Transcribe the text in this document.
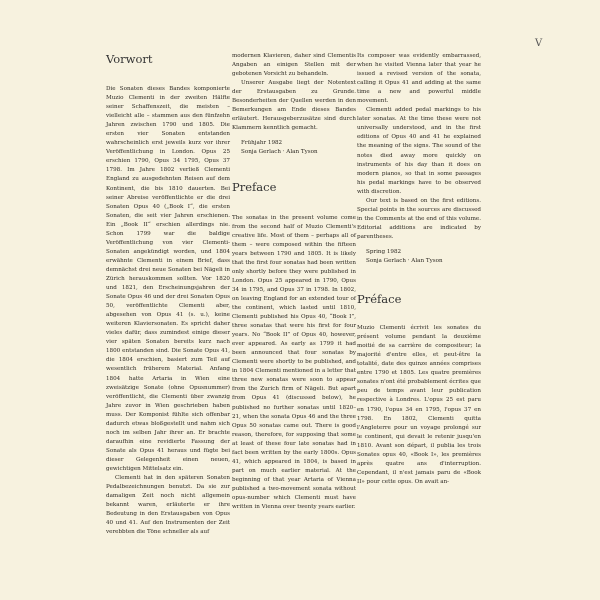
V
Vorwort

Die Sonaten dieses Bandes komponierte Muzio Clementi in der zweiten Hälfte seiner Schaffenszeit, die meisten – vielleicht alle – stammen aus den fünfzehn Jahren zwischen 1790 und 1805. Die ersten vier Sonaten entstanden wahrscheinlich erst jeweils kurz vor ihrer Veröffentlichung in London. Opus 25 erschien 1790, Opus 34 1795, Opus 37 1798. Im Jahre 1802 verließ Clementi England zu ausgedehnten Reisen auf dem Kontinent, die bis 1810 dauerten. Bei seiner Abreise veröffentlichte er die drei Sonaten Opus 40 („Book I“, die ersten Sonaten, die seit vier Jahren erschienen. Ein „Book II“ erschien allerdings nie. Schon 1799 war die baldige Veröffentlichung von vier Clementi-Sonaten angekündigt worden, und 1804 erwähnte Clementi in einem Brief, dass demnächst drei neue Sonaten bei Nägeli in Zürich herauskommen sollten. Vor 1820 und 1821, den Erscheinungsjahren der Sonate Opus 46 und der drei Sonaten Opus 50, veröffentlichte Clementi aber, abgesehen von Opus 41 (s. u.), keine weiteren Klaviersonaten. Es spricht daher vieles dafür, dass zumindest einige dieser vier späten Sonaten bereits kurz nach 1800 entstanden sind. Die Sonate Opus 41, die 1804 erschien, basiert zum Teil auf wesentlich früherem Material. Anfang 1804 hatte Artaria in Wien eine zweisätzige Sonate (ohne Opusnummer) veröffentlicht, die Clementi über zwanzig Jahre zuvor in Wien geschrieben haben muss. Der Komponist fühlte sich offenbar dadurch etwas bloßgestellt und nahm sich noch im selben Jahr ihrer an. Er brachte daraufhin eine revidierte Fassung der Sonate als Opus 41 heraus und fügte bei dieser Gelegenheit einen neuen, gewichtigen Mittelsatz ein.

Clementi hat in den späteren Sonaten Pedalbezeichnungen benutzt. Da sie zur damaligen Zeit noch nicht allgemein bekannt waren, erläuterte er ihre Bedeutung in den Erstausgaben von Opus 40 und 41. Auf den Instrumenten der Zeit verebbten die Töne schneller als auf

modernen Klavieren, daher sind Clementis Angaben an einigen Stellen mit der gebotenen Vorsicht zu behandeln.

Unserer Ausgabe liegt der Notentext der Erstausgaben zu Grunde. Besonderheiten der Quellen werden in den Bemerkungen am Ende dieses Bandes erläutert. Herausgeberzusätze sind durch Klammern kenntlich gemacht.

Frühjahr 1982

Sonja Gerlach · Alan Tyson

Preface

The sonatas in the present volume come from the second half of Muzio Clementi's creative life. Most of them – perhaps all of them – were composed within the fifteen years between 1790 and 1805. It is likely that the first four sonatas had been written only shortly before they were published in London. Opus 25 appeared in 1790, Opus 34 in 1795, and Opus 37 in 1798. In 1802, on leaving England for an extended tour of the continent, which lasted until 1810, Clementi published his Opus 40, “Book I”, three sonatas that were his first for four years. No “Book II” of Opus 40, however, ever appeared. As early as 1799 it had been announced that four sonatas by Clementi were shortly to be published, and in 1804 Clementi mentioned in a letter that three new sonatas were soon to appear from the Zurich firm of Nägeli. But apart from Opus 41 (discussed below), he published no further sonatas until 1820–21, when the sonata Opus 46 and the three Opus 50 sonatas came out. There is good reason, therefore, for supposing that some at least of these four late sonatas had in fact been written by the early 1800s. Opus 41, which appeared in 1804, is based in part on much earlier material. At the beginning of that year Artaria of Vienna published a two-movement sonata without opus-number which Clementi must have written in Vienna over twenty years earlier.

Its composer was evidently embarrassed, when he visited Vienna later that year he issued a revised version of the sonata, calling it Opus 41 and adding at the same time a new and powerful middle movement.

Clementi added pedal markings to his later sonatas. At the time these were not universally understood, and in the first editions of Opus 40 and 41 he explained the meaning of the signs. The sound of the notes died away more quickly on instruments of his day than it does on modern pianos, so that in some passages his pedal markings have to be observed with discretion.

Our text is based on the first editions. Special points in the sources are discussed in the Comments at the end of this volume. Editorial additions are indicated by parentheses.

Spring 1982

Sonja Gerlach · Alan Tyson

Préface

Muzio Clementi écrivit les sonates du présent volume pendant la deuxième moitié de sa carrière de compositeur; la majorité d'entre elles, et peut-être la totalité, date des quinze années comprises entre 1790 et 1805. Les quatre premières sonates n'ont été probablement écrites que peu de temps avant leur publication respective à Londres. L'opus 25 est paru en 1790, l'opus 34 en 1795, l'opus 37 en 1798. En 1802, Clementi quitta l'Angleterre pour un voyage prolongé sur le continent, qui devait le retenir jusqu'en 1810. Avant son départ, il publia les trois Sonates opus 40, «Book I», les premières après quatre ans d'interruption. Cependant, il n'est jamais paru de «Book II» pour cette opus. On avait an-
